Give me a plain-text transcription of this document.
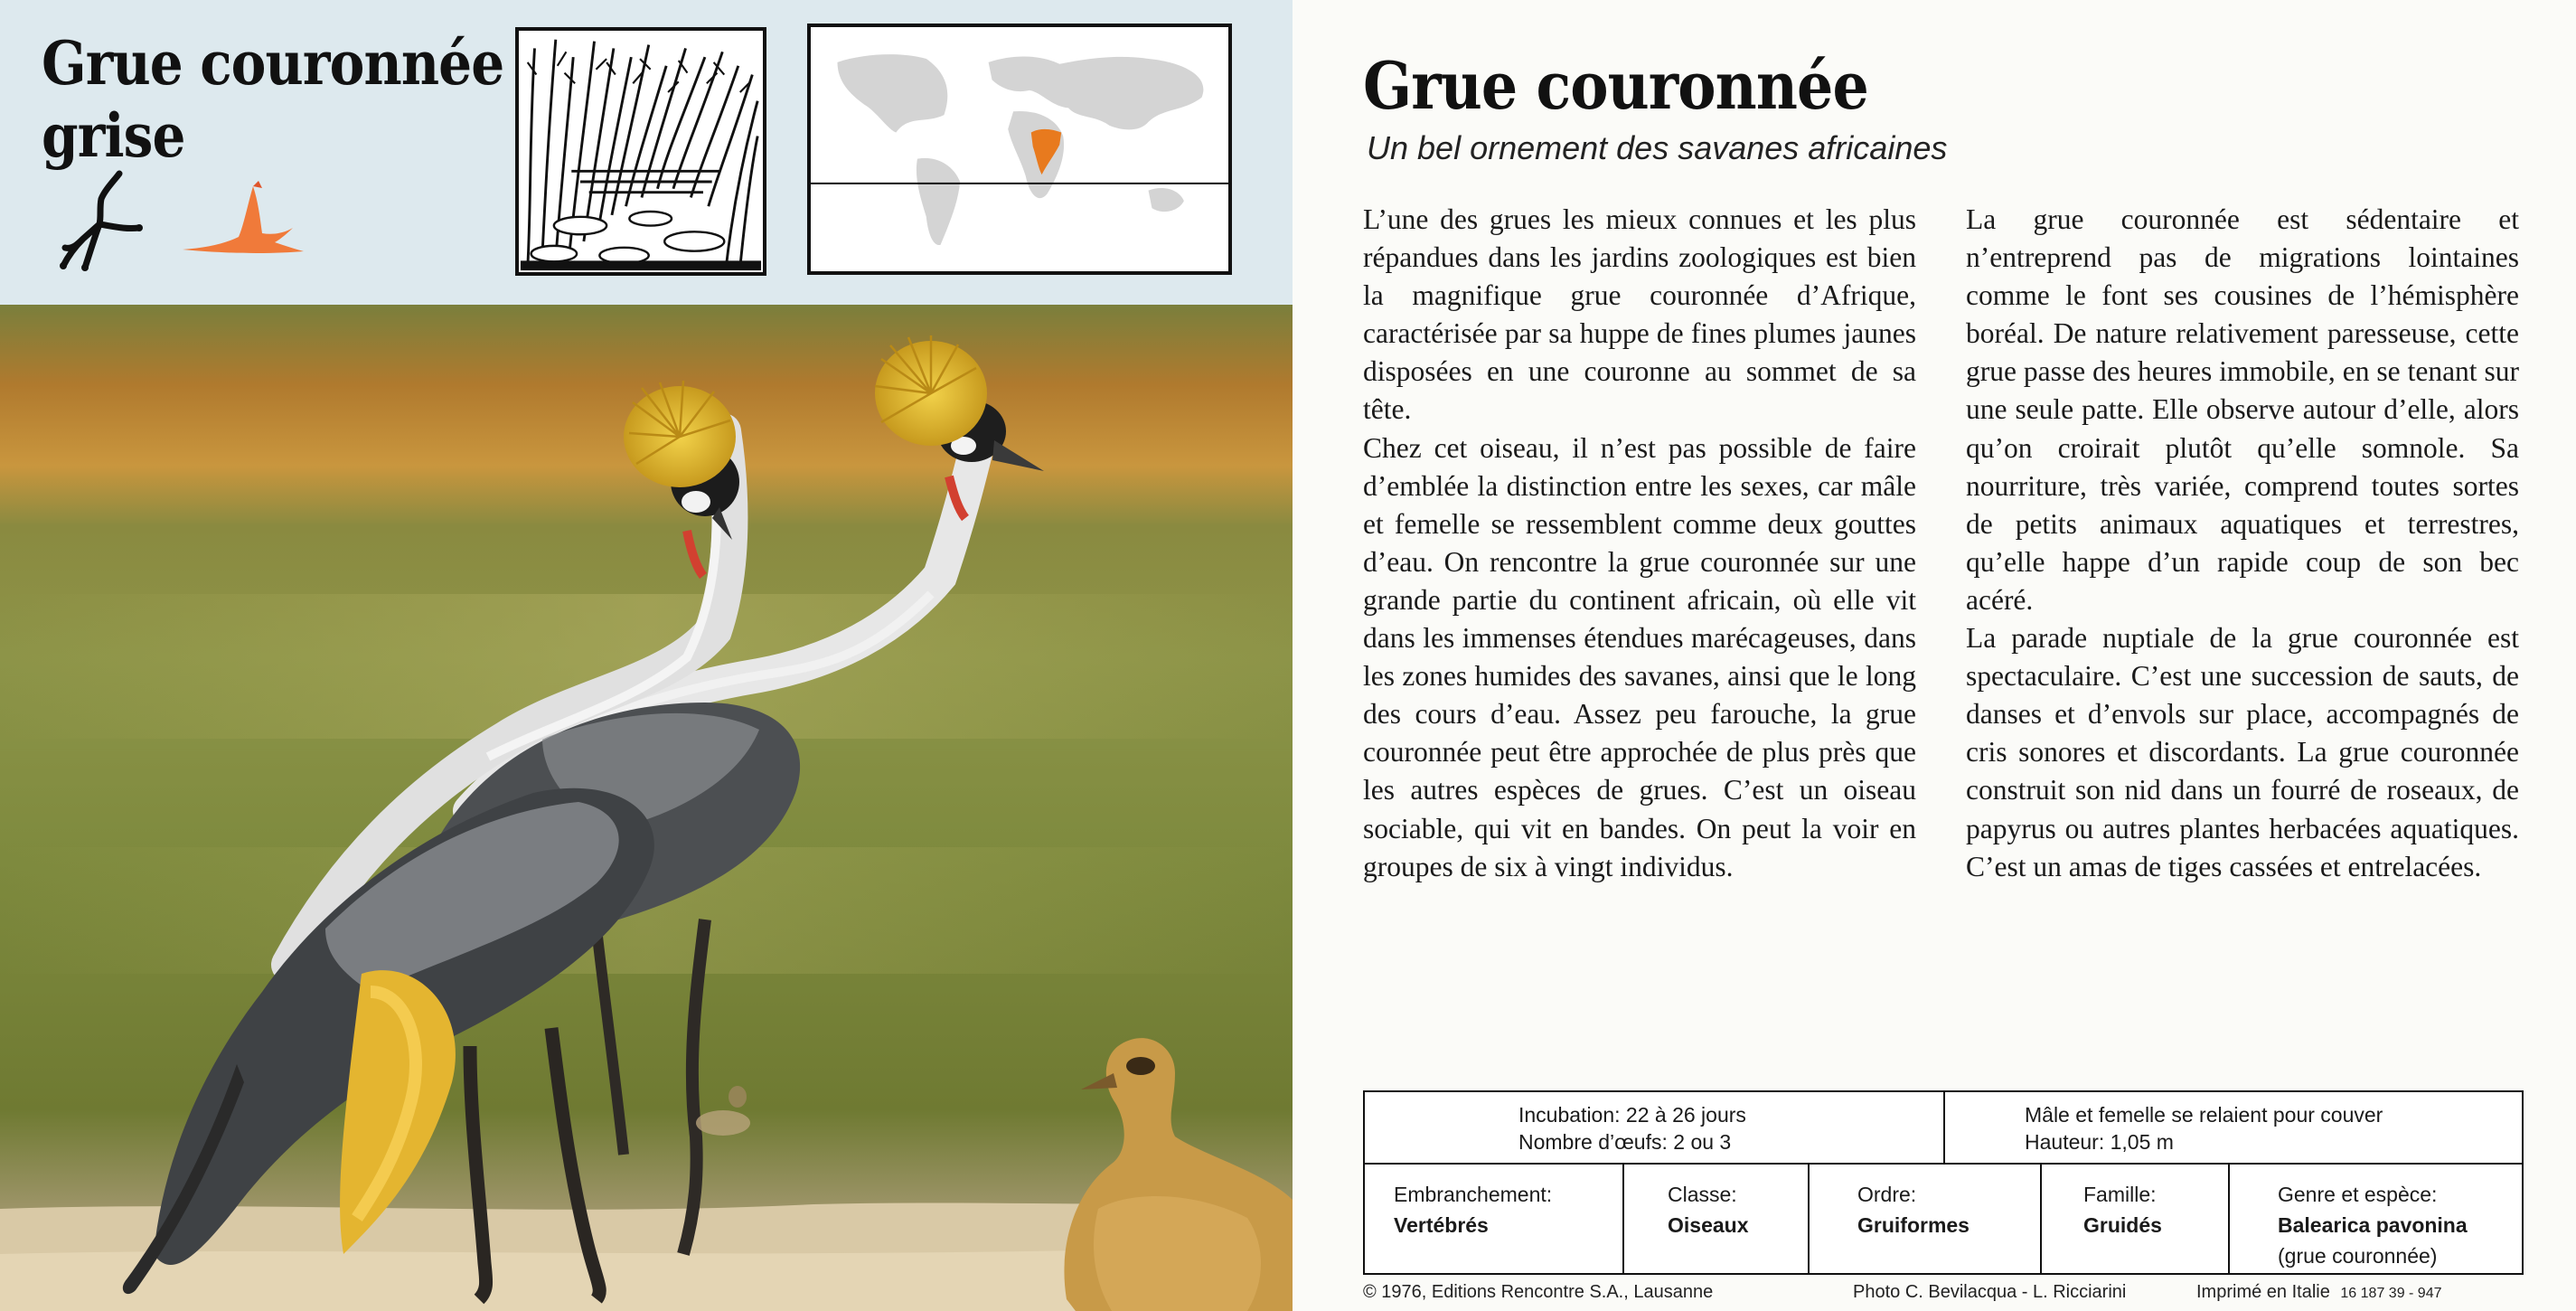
Grue couronnée
grise
Grue couronnée
Un bel ornement des savanes africaines

L’une des grues les mieux connues et les plus répandues dans les jardins zoologiques est bien la magnifique grue couronnée d’Afrique, caractérisée par sa huppe de fines plumes jaunes disposées en une couronne au sommet de sa tête.

Chez cet oiseau, il n’est pas possible de faire d’emblée la distinction entre les sexes, car mâle et femelle se ressemblent comme deux gouttes d’eau. On rencontre la grue couronnée sur une grande partie du continent africain, où elle vit dans les immenses étendues marécageuses, dans les zones humides des savanes, ainsi que le long des cours d’eau. Assez peu farouche, la grue couronnée peut être approchée de plus près que les autres espèces de grues. C’est un oiseau sociable, qui vit en bandes. On peut la voir en groupes de six à vingt individus.

La grue couronnée est sédentaire et n’entreprend pas de migrations lointaines comme le font ses cousines de l’hémisphère boréal. De nature relativement paresseuse, cette grue passe des heures immobile, en se tenant sur une seule patte. Elle observe autour d’elle, alors qu’on croirait plutôt qu’elle somnole. Sa nourriture, très variée, comprend toutes sortes de petits animaux aquatiques et terrestres, qu’elle happe d’un rapide coup de son bec acéré.

La parade nuptiale de la grue couronnée est spectaculaire. C’est une succession de sauts, de danses et d’envols sur place, accompagnés de cris sonores et discordants. La grue couronnée construit son nid dans un fourré de roseaux, de papyrus ou autres plantes herbacées aquatiques. C’est un amas de tiges cassées et entrelacées.

Incubation: 22 à 26 jours
Nombre d’œufs: 2 ou 3
Mâle et femelle se relaient pour couver
Hauteur: 1,05 m
Embranchement:
Vertébrés
Classe:
Oiseaux
Ordre:
Gruiformes
Famille:
Gruidés
Genre et espèce:
Balearica pavonina
(grue couronnée)
© 1976, Editions Rencontre S.A., Lausanne	Photo C. Bevilacqua - L. Ricciarini	Imprimé en Italie 16 187 39 - 947
